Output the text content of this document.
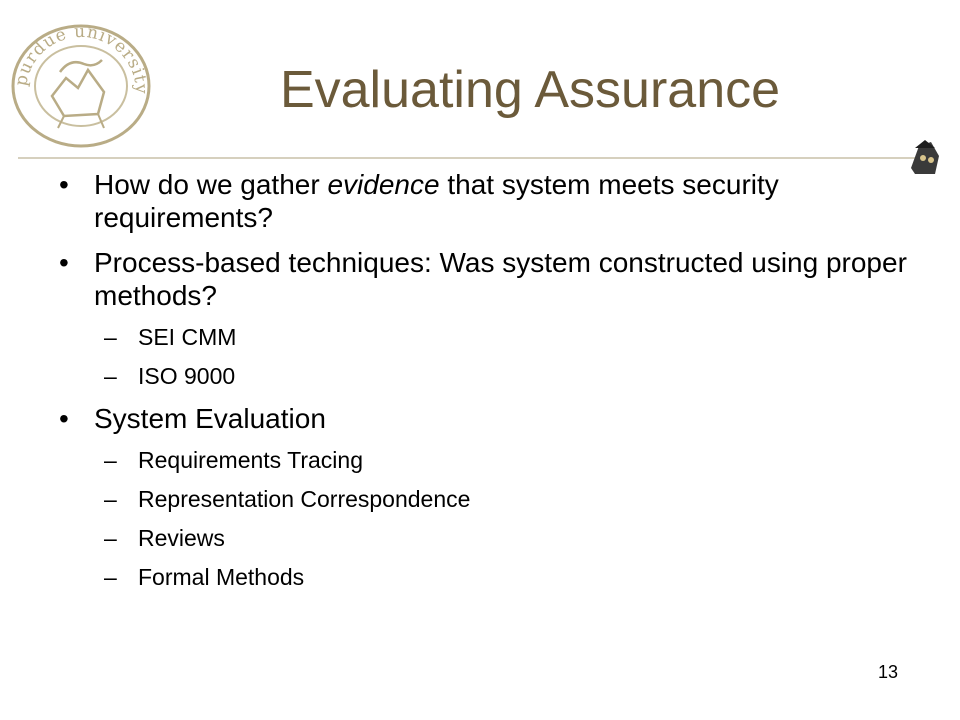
purdue university	Evaluating Assurance
• How do we gather evidence that system meets security requirements?
• Process-based techniques: Was system constructed using proper methods?
– SEI CMM
– ISO 9000
• System Evaluation
– Requirements Tracing
– Representation Correspondence
– Reviews
– Formal Methods
13
